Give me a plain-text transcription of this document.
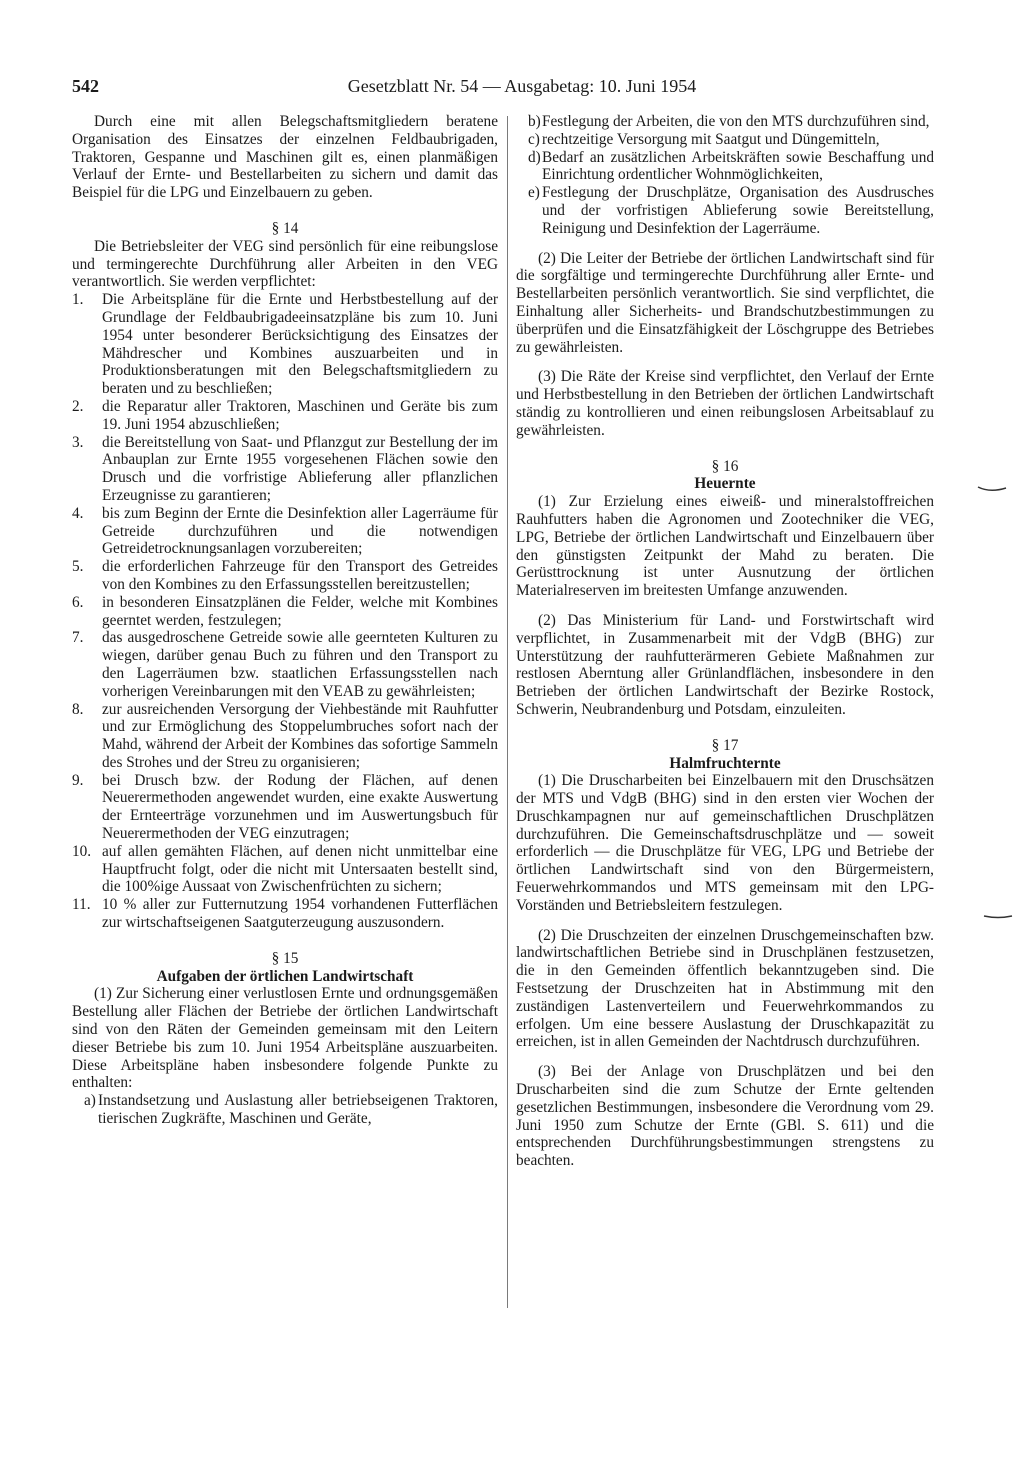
542	Gesetzblatt Nr. 54 — Ausgabetag: 10. Juni 1954

Durch eine mit allen Belegschaftsmitgliedern beratene Organisation des Einsatzes der einzelnen Feldbaubrigaden, Traktoren, Gespanne und Maschinen gilt es, einen planmäßigen Verlauf der Ernte- und Bestellarbeiten zu sichern und damit das Beispiel für die LPG und Einzelbauern zu geben.

§ 14

Die Betriebsleiter der VEG sind persönlich für eine reibungslose und termingerechte Durchführung aller Arbeiten in den VEG verantwortlich. Sie werden verpflichtet:

1.	Die Arbeitspläne für die Ernte und Herbstbestellung auf der Grundlage der Feldbaubrigadeeinsatzpläne bis zum 10. Juni 1954 unter besonderer Berücksichtigung des Einsatzes der Mähdrescher und Kombines auszuarbeiten und in Produktionsberatungen mit den Belegschaftsmitgliedern zu beraten und zu beschließen;
2.	die Reparatur aller Traktoren, Maschinen und Geräte bis zum 19. Juni 1954 abzuschließen;
3.	die Bereitstellung von Saat- und Pflanzgut zur Bestellung der im Anbauplan zur Ernte 1955 vorgesehenen Flächen sowie den Drusch und die vorfristige Ablieferung aller pflanzlichen Erzeugnisse zu garantieren;
4.	bis zum Beginn der Ernte die Desinfektion aller Lagerräume für Getreide durchzuführen und die notwendigen Getreidetrocknungsanlagen vorzubereiten;
5.	die erforderlichen Fahrzeuge für den Transport des Getreides von den Kombines zu den Erfassungsstellen bereitzustellen;
6.	in besonderen Einsatzplänen die Felder, welche mit Kombines geerntet werden, festzulegen;
7.	das ausgedroschene Getreide sowie alle geernteten Kulturen zu wiegen, darüber genau Buch zu führen und den Transport zu den Lagerräumen bzw. staatlichen Erfassungsstellen nach vorherigen Vereinbarungen mit den VEAB zu gewährleisten;
8.	zur ausreichenden Versorgung der Viehbestände mit Rauhfutter und zur Ermöglichung des Stoppelumbruches sofort nach der Mahd, während der Arbeit der Kombines das sofortige Sammeln des Strohes und der Streu zu organisieren;
9.	bei Drusch bzw. der Rodung der Flächen, auf denen Neuerermethoden angewendet wurden, eine exakte Auswertung der Ernteerträge vorzunehmen und im Auswertungsbuch für Neuerermethoden der VEG einzutragen;
10. auf allen gemähten Flächen, auf denen nicht unmittelbar eine Hauptfrucht folgt, oder die nicht mit Untersaaten bestellt sind, die 100%ige Aussaat von Zwischenfrüchten zu sichern;
11. 10 % aller zur Futternutzung 1954 vorhandenen Futterflächen zur wirtschaftseigenen Saatguterzeugung auszusondern.
§ 15
Aufgaben der örtlichen Landwirtschaft

(1) Zur Sicherung einer verlustlosen Ernte und ordnungsgemäßen Bestellung aller Flächen der Betriebe der örtlichen Landwirtschaft sind von den Räten der Gemeinden gemeinsam mit den Leitern dieser Betriebe bis zum 10. Juni 1954 Arbeitspläne auszuarbeiten. Diese Arbeitspläne haben insbesondere folgende Punkte zu enthalten:

a) Instandsetzung und Auslastung aller betriebseigenen Traktoren, tierischen Zugkräfte, Maschinen und Geräte,
b) Festlegung der Arbeiten, die von den MTS durchzuführen sind,
c) rechtzeitige Versorgung mit Saatgut und Düngemitteln,
d) Bedarf an zusätzlichen Arbeitskräften sowie Beschaffung und Einrichtung ordentlicher Wohnmöglichkeiten,
e) Festlegung der Druschplätze, Organisation des Ausdrusches und der vorfristigen Ablieferung sowie Bereitstellung, Reinigung und Desinfektion der Lagerräume.

(2) Die Leiter der Betriebe der örtlichen Landwirtschaft sind für die sorgfältige und termingerechte Durchführung aller Ernte- und Bestellarbeiten persönlich verantwortlich. Sie sind verpflichtet, die Einhaltung aller Sicherheits- und Brandschutzbestimmungen zu überprüfen und die Einsatzfähigkeit der Löschgruppe des Betriebes zu gewährleisten.

(3) Die Räte der Kreise sind verpflichtet, den Verlauf der Ernte und Herbstbestellung in den Betrieben der örtlichen Landwirtschaft ständig zu kontrollieren und einen reibungslosen Arbeitsablauf zu gewährleisten.

§ 16
Heuernte

(1) Zur Erzielung eines eiweiß- und mineralstoffreichen Rauhfutters haben die Agronomen und Zootechniker die VEG, LPG, Betriebe der örtlichen Landwirtschaft und Einzelbauern über den günstigsten Zeitpunkt der Mahd zu beraten. Die Gerüsttrocknung ist unter Ausnutzung der örtlichen Materialreserven im breitesten Umfange anzuwenden.

(2) Das Ministerium für Land- und Forstwirtschaft wird verpflichtet, in Zusammenarbeit mit der VdgB (BHG) zur Unterstützung der rauhfutterärmeren Gebiete Maßnahmen zur restlosen Aberntung aller Grünlandflächen, insbesondere in den Betrieben der örtlichen Landwirtschaft der Bezirke Rostock, Schwerin, Neubrandenburg und Potsdam, einzuleiten.

§ 17
Halmfruchternte

(1) Die Druscharbeiten bei Einzelbauern mit den Druschsätzen der MTS und VdgB (BHG) sind in den ersten vier Wochen der Druschkampagnen nur auf gemeinschaftlichen Druschplätzen durchzuführen. Die Gemeinschaftsdruschplätze und — soweit erforderlich — die Druschplätze für VEG, LPG und Betriebe der örtlichen Landwirtschaft sind von den Bürgermeistern, Feuerwehrkommandos und MTS gemeinsam mit den LPG-Vorständen und Betriebsleitern festzulegen.

(2) Die Druschzeiten der einzelnen Druschgemeinschaften bzw. landwirtschaftlichen Betriebe sind in Druschplänen festzusetzen, die in den Gemeinden öffentlich bekanntzugeben sind. Die Festsetzung der Druschzeiten hat in Abstimmung mit den zuständigen Lastenverteilern und Feuerwehrkommandos zu erfolgen. Um eine bessere Auslastung der Druschkapazität zu erreichen, ist in allen Gemeinden der Nachtdrusch durchzuführen.

(3) Bei der Anlage von Druschplätzen und bei den Druscharbeiten sind die zum Schutze der Ernte geltenden gesetzlichen Bestimmungen, insbesondere die Verordnung vom 29. Juni 1950 zum Schutze der Ernte (GBl. S. 611) und die entsprechenden Durchführungsbestimmungen strengstens zu beachten.
